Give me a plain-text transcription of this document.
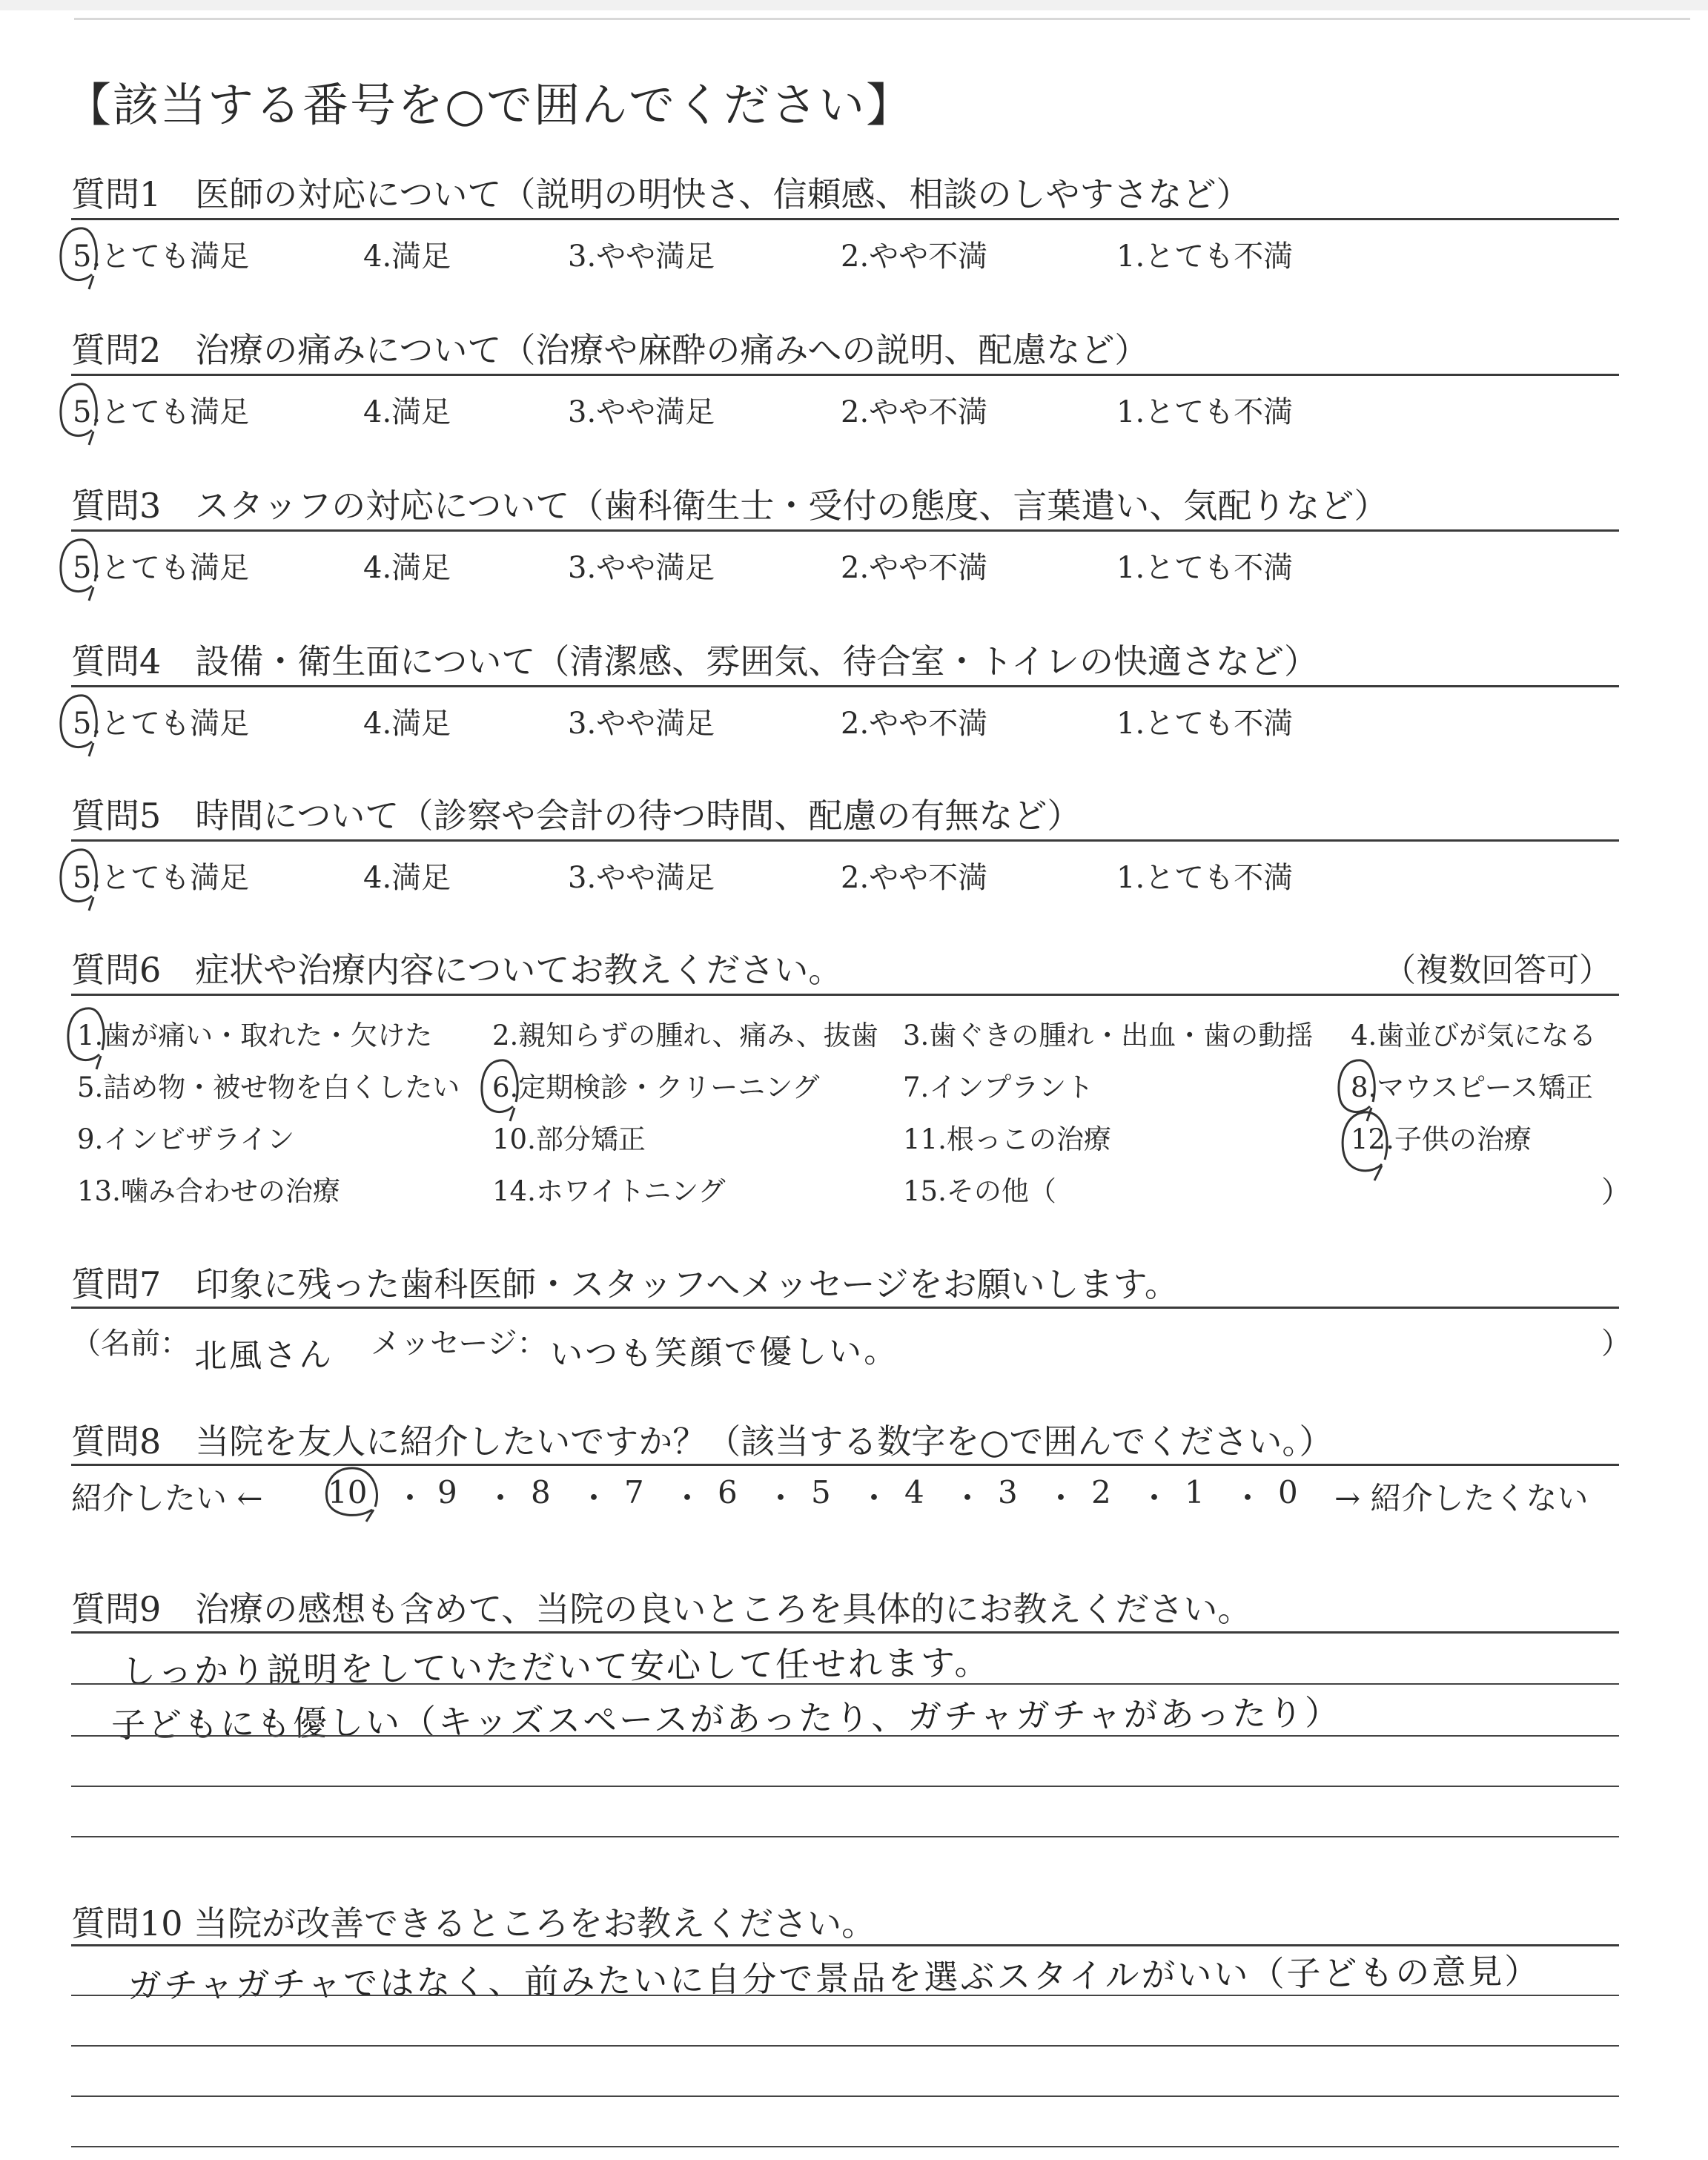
【該当する番号を○で囲んでください】
質問1　医師の対応について（説明の明快さ、信頼感、相談のしやすさなど）
5.とても満足	4.満足	3.やや満足	2.やや不満	1.とても不満
質問2　治療の痛みについて（治療や麻酔の痛みへの説明、配慮など）
5.とても満足	4.満足	3.やや満足	2.やや不満	1.とても不満
質問3　スタッフの対応について（歯科衛生士・受付の態度、言葉遣い、気配りなど）
5.とても満足	4.満足	3.やや満足	2.やや不満	1.とても不満
質問4　設備・衛生面について（清潔感、雰囲気、待合室・トイレの快適さなど）
5.とても満足	4.満足	3.やや満足	2.やや不満	1.とても不満
質問5　時間について（診察や会計の待つ時間、配慮の有無など）
5.とても満足	4.満足	3.やや満足	2.やや不満	1.とても不満
質問6　症状や治療内容についてお教えください。	（複数回答可）
1.歯が痛い・取れた・欠けた 2.親知らずの腫れ、痛み、抜歯 3.歯ぐきの腫れ・出血・歯の動揺 4.歯並びが気になる
5.詰め物・被せ物を白くしたい 6.定期検診・クリーニング	7.インプラント	8.マウスピース矯正
9.インビザライン	10.部分矯正	11.根っこの治療	12.子供の治療
13.噛み合わせの治療	14.ホワイトニング	15.その他（	）
質問7　印象に残った歯科医師・スタッフへメッセージをお願いします。
（名前： 北風さん メッセージ： いつも笑顔で優しい。	）
質問8　当院を友人に紹介したいですか？（該当する数字を○で囲んでください。）
紹介したい ← 10 ・ 9 ・ 8 ・ 7 ・ 6 ・ 5 ・ 4 ・ 3 ・ 2 ・ 1 ・ 0 → 紹介したくない
質問9　治療の感想も含めて、当院の良いところを具体的にお教えください。
しっかり説明をしていただいて安心して任せれます。
子どもにも優しい（キッズスペースがあったり、ガチャガチャがあったり）
質問10 当院が改善できるところをお教えください。
ガチャガチャではなく、前みたいに自分で景品を選ぶスタイルがいい（子どもの意見）
